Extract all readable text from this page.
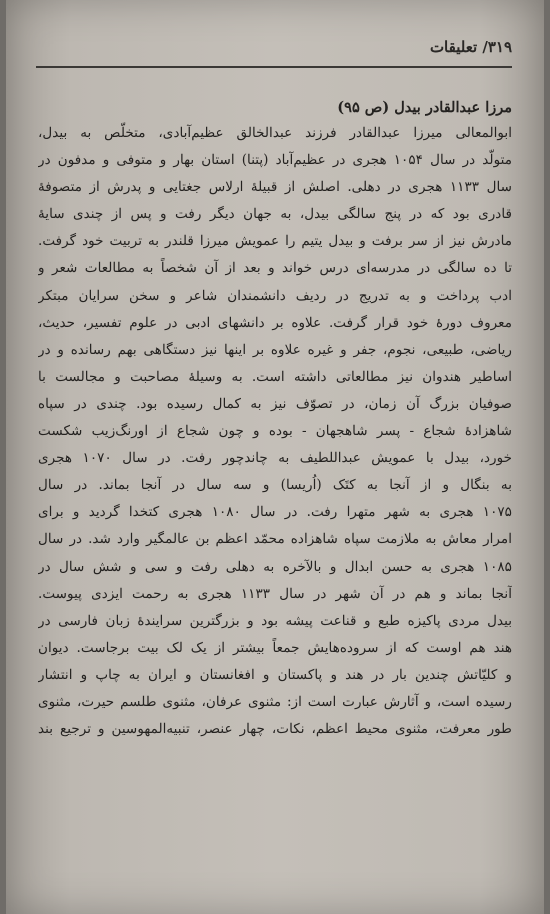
۳۱۹/ تعلیقات
مرزا عبدالقادر بیدل (ص ۹۵)
ابوالمعالی میرزا عبدالقادر فرزند عبدالخالق عظیم‌آبادی، متخلّص به بیدل،
متولّد در سال ۱۰۵۴ هجری در عظیم‌آباد (پتنا) استان بهار و متوفی و مدفون در
سال ۱۱۳۳ هجری در دهلی. اصلش از قبیلهٔ ارلاس جغتایی و پدرش از متصوفهٔ
قادری بود که در پنج سالگی بیدل، به جهان دیگر رفت و پس از چندی سایهٔ
مادرش نیز از سر برفت و بیدل یتیم را عمویش میرزا قلندر به تربیت خود گرفت.
تا ده سالگی در مدرسه‌ای درس خواند و بعد از آن شخصاً به مطالعات شعر و
ادب پرداخت و به تدریج در ردیف دانشمندان شاعر و سخن سرایان مبتکر
معروف دورهٔ خود قرار گرفت. علاوه بر دانشهای ادبی در علوم تفسیر، حدیث،
ریاضی، طبیعی، نجوم، جفر و غیره علاوه بر اینها نیز دستگاهی بهم رسانده و در
اساطیر هندوان نیز مطالعاتی داشته است. به وسیلهٔ مصاحبت و مجالست با
صوفیان بزرگ آن زمان، در تصوّف نیز به کمال رسیده بود. چندی در سپاه
شاهزادهٔ شجاع - پسر شاهجهان - بوده و چون شجاع از اورنگ‌زیب شکست
خورد، بیدل با عمویش عبداللطیف به چاندچور رفت. در سال ۱۰۷۰ هجری
به بنگال و از آنجا به کتَک (اُریسا) و سه سال در آنجا بماند. در سال
۱۰۷۵ هجری به شهر متهرا رفت. در سال ۱۰۸۰ هجری کتخدا گردید و برای
امرار معاش به ملازمت سپاه شاهزاده محمّد اعظم بن عالمگیر وارد شد. در سال
۱۰۸۵ هجری به حسن ابدال و بالآخره به دهلی رفت و سی و شش سال در
آنجا بماند و هم در آن شهر در سال ۱۱۳۳ هجری به رحمت ایزدی پیوست.
بیدل مردی پاکیزه طبع و قناعت پیشه بود و بزرگترین سرایندهٔ زبان فارسی در
هند هم اوست که از سروده‌هایش جمعاً بیشتر از یک لک بیت برجاست. دیوان
و کلیّاتش چندین بار در هند و پاکستان و افغانستان و ایران به چاپ و انتشار
رسیده است، و آثارش عبارت است از: مثنوی عرفان، مثنوی طلسم حیرت، مثنوی
طور معرفت، مثنوی محیط اعظم، نکات، چهار عنصر، تنبیه‌المهوسین و ترجیع بند
